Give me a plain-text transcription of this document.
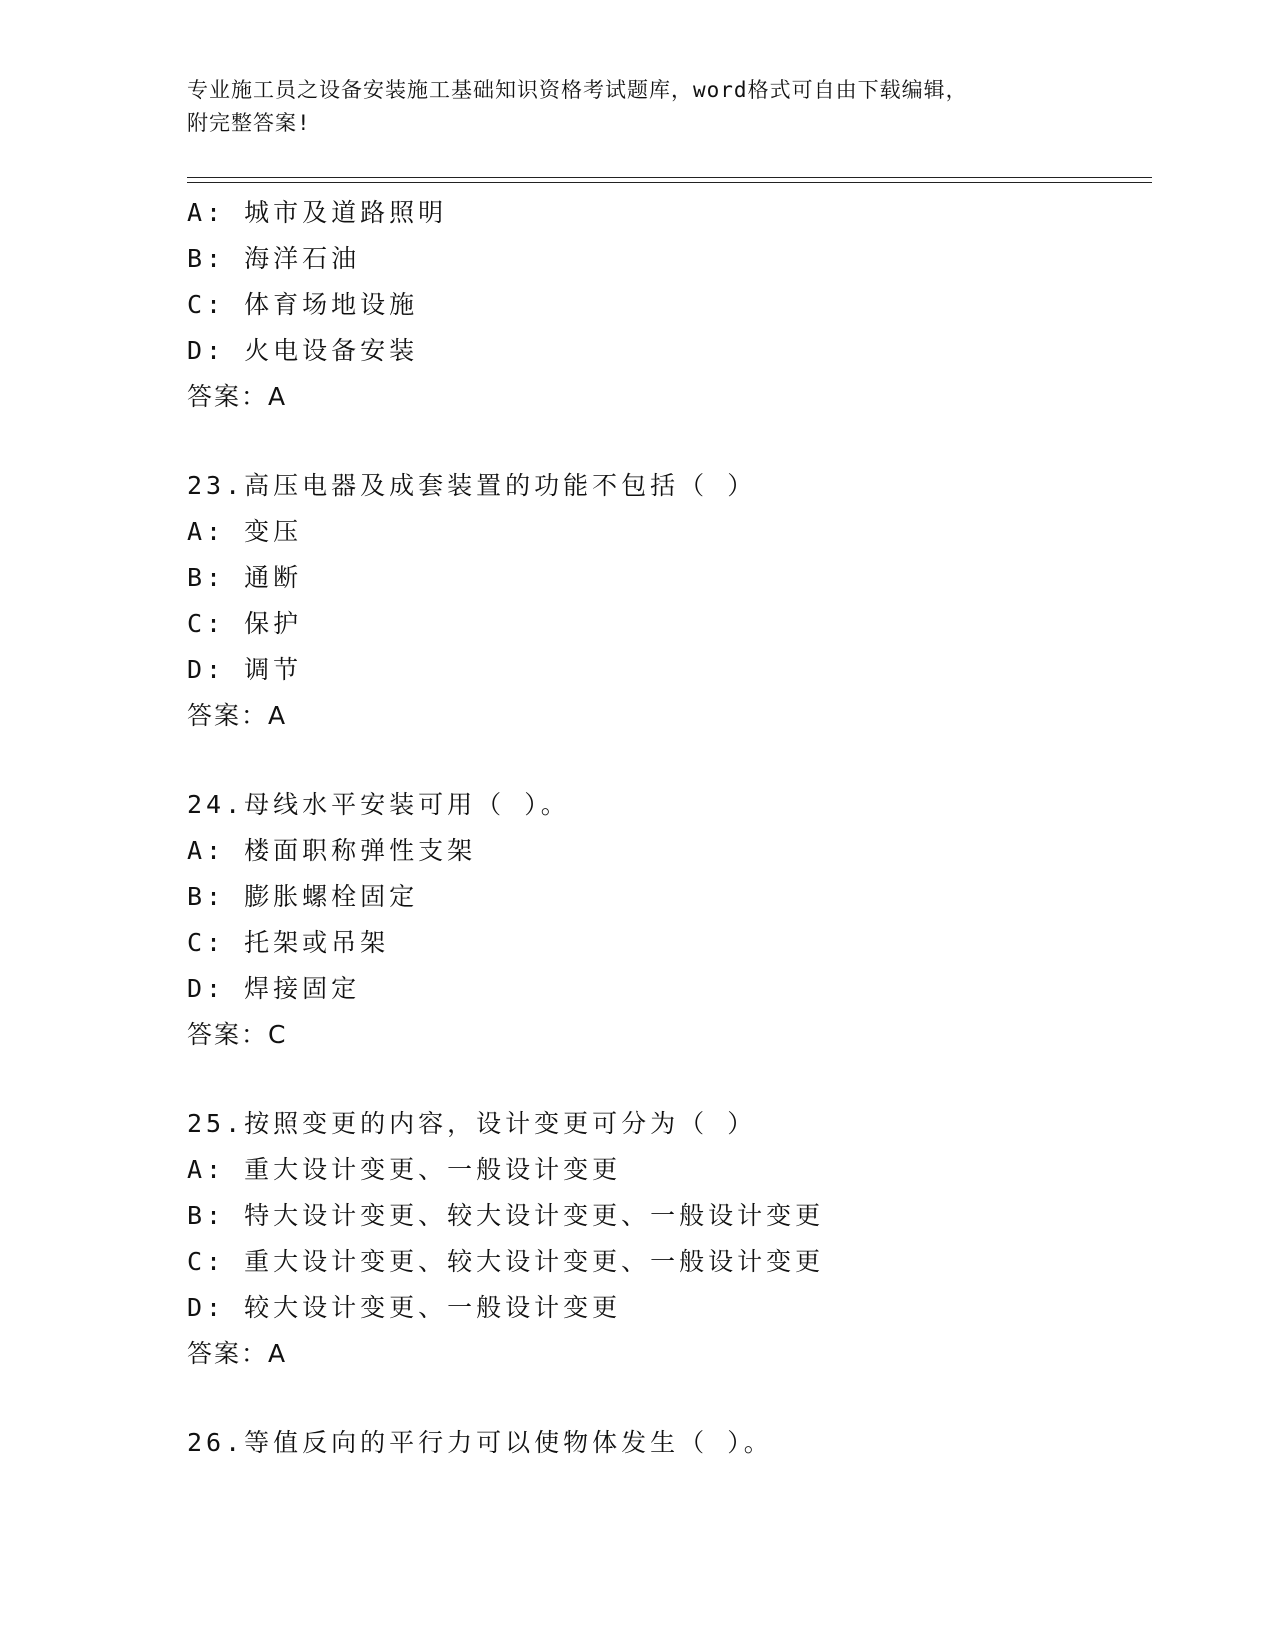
专业施工员之设备安装施工基础知识资格考试题库，word格式可自由下载编辑，
附完整答案!
A: 城市及道路照明
B: 海洋石油
C: 体育场地设施
D: 火电设备安装
答案：A
23.高压电器及成套装置的功能不包括（ ）
A: 变压
B: 通断
C: 保护
D: 调节
答案：A
24.母线水平安装可用（ ）。
A: 楼面职称弹性支架
B: 膨胀螺栓固定
C: 托架或吊架
D: 焊接固定
答案：C
25.按照变更的内容，设计变更可分为（ ）
A: 重大设计变更、一般设计变更
B: 特大设计变更、较大设计变更、一般设计变更
C: 重大设计变更、较大设计变更、一般设计变更
D: 较大设计变更、一般设计变更
答案：A
26.等值反向的平行力可以使物体发生（ ）。
